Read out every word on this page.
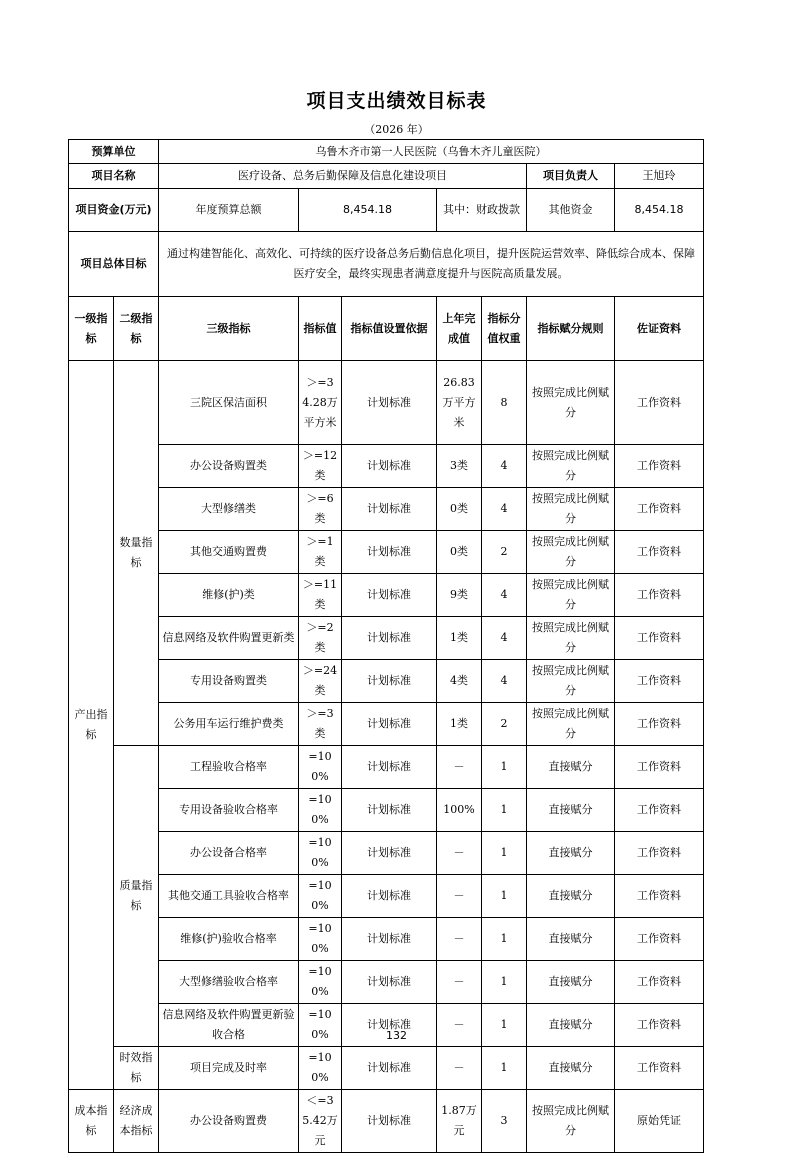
项目支出绩效目标表
（2026 年）
预算单位		乌鲁木齐市第一人民医院（乌鲁木齐儿童医院）						
项目名称		医疗设备、总务后勤保障及信息化建设项目					项目负责人	王旭玲
项目资金(万元)		年度预算总额	8,454.18		其中：财政拨款		其他资金	8,454.18
项目总体目标		通过构建智能化、高效化、可持续的医疗设备总务后勤信息化项目，提升医院运营效率、降低综合成本、保障医疗安全，最终实现患者满意度提升与医院高质量发展。						
一级指标	二级指标	三级指标	指标值	指标值设置依据	上年完成值	指标分值权重	指标赋分规则	佐证资料
产出指标	数量指标	三院区保洁面积	＞=34.28万平方米	计划标准	26.83万平方米	8	按照完成比例赋分	工作资料
		办公设备购置类	＞=12类	计划标准	3类	4	按照完成比例赋分	工作资料
		大型修缮类	＞=6类	计划标准	0类	4	按照完成比例赋分	工作资料
		其他交通购置费	＞=1类	计划标准	0类	2	按照完成比例赋分	工作资料
		维修(护)类	＞=11类	计划标准	9类	4	按照完成比例赋分	工作资料
		信息网络及软件购置更新类	＞=2类	计划标准	1类	4	按照完成比例赋分	工作资料
		专用设备购置类	＞=24类	计划标准	4类	4	按照完成比例赋分	工作资料
		公务用车运行维护费类	＞=3类	计划标准	1类	2	按照完成比例赋分	工作资料
	质量指标	工程验收合格率	=100%	计划标准	－	1	直接赋分	工作资料
		专用设备验收合格率	=100%	计划标准	100%	1	直接赋分	工作资料
		办公设备合格率	=100%	计划标准	－	1	直接赋分	工作资料
		其他交通工具验收合格率	=100%	计划标准	－	1	直接赋分	工作资料
		维修(护)验收合格率	=100%	计划标准	－	1	直接赋分	工作资料
		大型修缮验收合格率	=100%	计划标准	－	1	直接赋分	工作资料
		信息网络及软件购置更新验收合格	=100%	计划标准	－	1	直接赋分	工作资料
	时效指标	项目完成及时率	=100%	计划标准	－	1	直接赋分	工作资料
成本指标	经济成本指标	办公设备购置费	＜=35.42万元	计划标准	1.87万元	3	按照完成比例赋分	原始凭证
132
